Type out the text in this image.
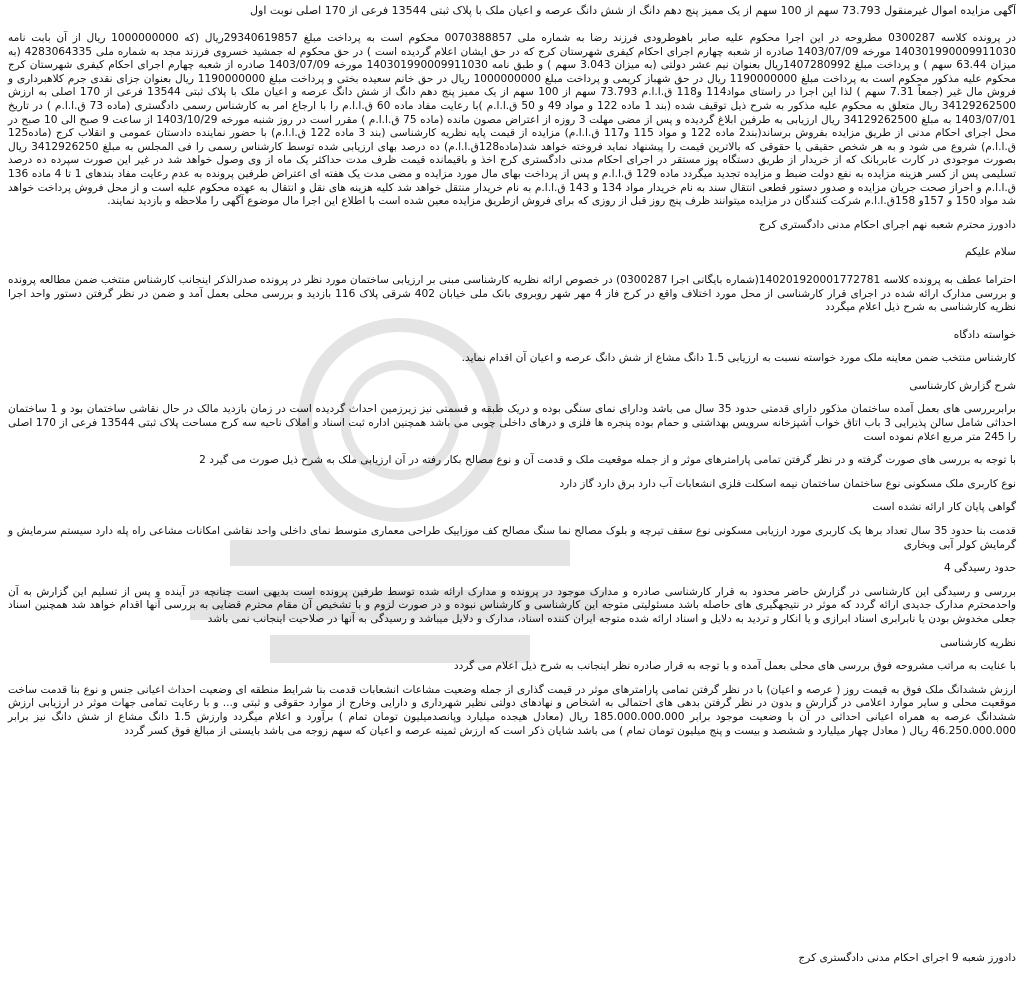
آگهی مزایده اموال غیرمنقول 73.793 سهم از 100 سهم از یک ممیز پنج دهم دانگ از شش دانگ عرصه و اعیان ملک با پلاک ثبتی 13544 فرعی از 170 اصلی نوبت اول
در پرونده کلاسه 0300287 مطروحه در این اجرا محکوم علیه صابر باهوطرودی فرزند رضا به شماره ملی 0070388857 محکوم است به پرداخت مبلغ 29340619857ریال (که 1000000000 ریال از آن بابت نامه 140301990009911030 مورخه 1403/07/09 صادره از شعبه چهارم اجرای احکام کیفری شهرستان کرج که در حق ایشان اعلام گردیده است ) در حق محکوم له جمشید خسروی فرزند مجد به شماره ملی 4283064335 (به میزان 63.44 سهم ) و پرداخت مبلغ 1407280992ریال بعنوان نیم عشر دولتی (به میزان 3.043 سهم ) و طبق نامه 140301990009911030 مورخه 1403/07/09 صادره از شعبه چهارم اجرای احکام کیفری شهرستان کرج محکوم علیه مذکور محکوم است به پرداخت مبلغ 1190000000 ریال در حق شهباز کریمی و پرداخت مبلغ 1000000000 ریال در حق خانم سعیده بختی و پرداخت مبلغ 1190000000 ریال بعنوان جزای نقدی جرم کلاهبرداری و فروش مال غیر (جمعاً 7.31 سهم ) لذا این اجرا در راستای مواد114 و118 ق.ا.ا.م 73.793 سهم از 100 سهم از یک ممیز پنج دهم دانگ از شش دانگ عرصه و اعیان ملک با پلاک ثبتی 13544 فرعی از 170 اصلی به ارزش 34129262500 ریال متعلق به محکوم علیه مذکور به شرح ذیل توقیف شده (بند 1 ماده 122 و مواد 49 و 50 ق.ا.ا.م )با رعایت مفاد ماده 60 ق.ا.ا.م را با ارجاع امر به کارشناس رسمی دادگستری (ماده 73 ق.ا.ا.م ) در تاریخ 1403/07/01 به مبلغ 34129262500 ریال ارزیابی به طرفین ابلاغ گردیده و پس از مضی مهلت 3 روزه از اعتراض مصون مانده (ماده 75 ق.ا.ا.م ) مقرر است در روز شنبه مورخه 1403/10/29 از ساعت 9 صبح الی 10 صبح در محل اجرای احکام مدنی از طریق مزایده بفروش برساند(بند2 ماده 122 و مواد 115 و117 ق.ا.ا.م) مزایده از قیمت پایه نظریه کارشناسی (بند 3 ماده 122 ق.ا.ا.م) با حضور نماینده دادستان عمومی و انقلاب کرج (ماده125 ق.ا.ا.م) شروع می شود و به هر شخص حقیقی یا حقوقی که بالاترین قیمت را پیشنهاد نماید فروخته خواهد شد(ماده128ق.ا.ا.م) ده درصد بهای ارزیابی شده توسط کارشناس رسمی را فی المجلس به مبلغ 3412926250 ریال بصورت موجودی در کارت عابربانک که از خریدار از طریق دستگاه پوز مستقر در اجرای احکام مدنی دادگستری کرج اخذ و باقیمانده قیمت ظرف مدت حداکثر یک ماه از وی وصول خواهد شد در غیر این صورت سپرده ده درصد تسلیمی پس از کسر هزینه مزایده به نفع دولت ضبط و مزایده تجدید میگردد ماده 129 ق.ا.ا.م و پس از پرداخت بهای مال مورد مزایده و مضی مدت یک هفته ای اعتراض طرفین پرونده به عدم رعایت مفاد بندهای 1 تا 4 ماده 136 ق.ا.ا.م و احراز صحت جریان مزایده و صدور دستور قطعی انتقال سند به نام خریدار مواد 134 و 143 ق.ا.ا.م به نام خریدار منتقل خواهد شد کلیه هزینه های نقل و انتقال به عهده محکوم علیه است و از محل فروش پرداخت خواهد شد مواد 150 و 157و 158ق.ا.ا.م شرکت کنندگان در مزایده میتوانند ظرف پنج روز قبل از روزی که برای فروش ازطریق مزایده معین شده است با اطلاع این اجرا مال موضوع آگهی را ملاحظه و بازدید نمایند.
دادورز محترم شعبه نهم اجرای احکام مدنی دادگستری کرج
سلام علیکم
احتراما عطف به پرونده کلاسه 140201920001772781(شماره بایگانی اجرا 0300287) در خصوص ارائه نظریه کارشناسی مبنی بر ارزیابی ساختمان مورد نظر در پرونده صدرالذکر اینجانب کارشناس منتخب ضمن مطالعه پرونده و بررسی مدارک ارائه شده در اجرای قرار کارشناسی از محل مورد اختلاف واقع در کرج فاز 4 مهر شهر روبروی بانک ملی خیابان 402 شرقی پلاک 116 بازدید و بررسی محلی بعمل آمد و ضمن در نظر گرفتن دستور واحد اجرا نظریه کارشناسی به شرح ذیل اعلام میگردد
خواسته دادگاه
کارشناس منتخب ضمن معاینه ملک مورد خواسته نسبت به ارزیابی 1.5 دانگ مشاع از شش دانگ عرصه و اعیان آن اقدام نماید.
شرح گزارش کارشناسی
برابربررسی های بعمل آمده ساختمان مذکور دارای قدمتی حدود 35 سال می باشد ودارای نمای سنگی بوده و دریک طبقه و قسمتی نیز زیرزمین احداث گردیده است در زمان بازدید مالک در حال نقاشی ساختمان بود و 1 ساختمان احداثی شامل سالن پذیرایی 3 باب اتاق خواب آشپزخانه سرویس بهداشتی و حمام بوده پنجره ها فلزی و درهای داخلی چوبی می باشد همچنین اداره ثبت اسناد و املاک ناحیه سه کرج مساحت پلاک ثبتی 13544 فرعی از 170 اصلی را 245 متر مربع اعلام نموده است
با توجه به بررسی های صورت گرفته و در نظر گرفتن تمامی پارامترهای موثر و از جمله موقعیت ملک و قدمت آن و نوع مصالح بکار رفته در آن ارزیابی ملک به شرح ذیل صورت می گیرد 2
نوع کاربری ملک مسکونی نوع ساختمان ساختمان نیمه اسکلت فلزی انشعابات آب دارد برق دارد گاز دارد
گواهی پایان کار ارائه نشده است
قدمت بنا حدود 35 سال تعداد برها یک کاربری مورد ارزیابی مسکونی نوع سقف تیرچه و بلوک مصالح نما سنگ مصالح کف موزاییک طراحی معماری متوسط نمای داخلی واحد نقاشی امکانات مشاعی راه پله دارد سیستم سرمایش و گرمایش کولر آبی وبخاری
حدود رسیدگی 4
بررسی و رسیدگی این کارشناسی در گزارش حاضر محدود به قرار کارشناسی صادره و مدارک موجود در پرونده و مدارک ارائه شده توسط طرفین پرونده است بدیهی است چنانچه در آینده و پس از تسلیم این گزارش به آن واحدمحترم مدارک جدیدی ارائه گردد که موثر در نتیجهگیری های حاصله باشد مسئولیتی متوجه این کارشناسی و کارشناس نبوده و در صورت لزوم و با تشخیص آن مقام محترم قضایی به بررسی آنها اقدام خواهد شد همچنین اسناد جعلی مخدوش بودن یا نابرابری اسناد ابرازی و یا انکار و تردید به دلایل و اسناد ارائه شده متوجه ایران کننده اسناد، مدارک و دلایل میباشد و رسیدگی به آنها در صلاحیت اینجانب نمی باشد
نظریه کارشناسی
با عنایت به مراتب مشروحه فوق بررسی های محلی بعمل آمده و با توجه به قرار صادره نظر اینجانب به شرح ذیل اعلام می گردد
ارزش ششدانگ ملک فوق به قیمت روز ( عرصه و اعیان) با در نظر گرفتن تمامی پارامترهای موثر در قیمت گذاری از جمله وضعیت مشاعات انشعابات قدمت بنا شرایط منطقه ای وضعیت احداث اعیانی جنس و نوع بنا قدمت ساخت موقعیت محلی و سایر موارد اعلامی در گزارش و بدون در نظر گرفتن بدهی های احتمالی به اشخاص و نهادهای دولتی نظیر شهرداری و دارایی وخارج از موارد حقوقی و ثبتی و... و با رعایت تمامی جهات موثر در ارزیابی ارزش ششدانگ عرصه به همراه اعیانی احداثی در آن با وضعیت موجود برابر 185.000.000.000 ریال (معادل هیجده میلیارد وپانصدمیلیون تومان تمام ) برآورد و اعلام میگردد وارزش 1.5 دانگ مشاع از شش دانگ نیز برابر 46.250.000.000 ریال ( معادل چهار میلیارد و ششصد و بیست و پنج میلیون تومان تمام ) می باشد شایان ذکر است که ارزش ثمینه عرصه و اعیان که سهم زوجه می باشد بایستی از مبالغ فوق کسر گردد
دادورز شعبه 9 اجرای احکام مدنی دادگستری کرج
